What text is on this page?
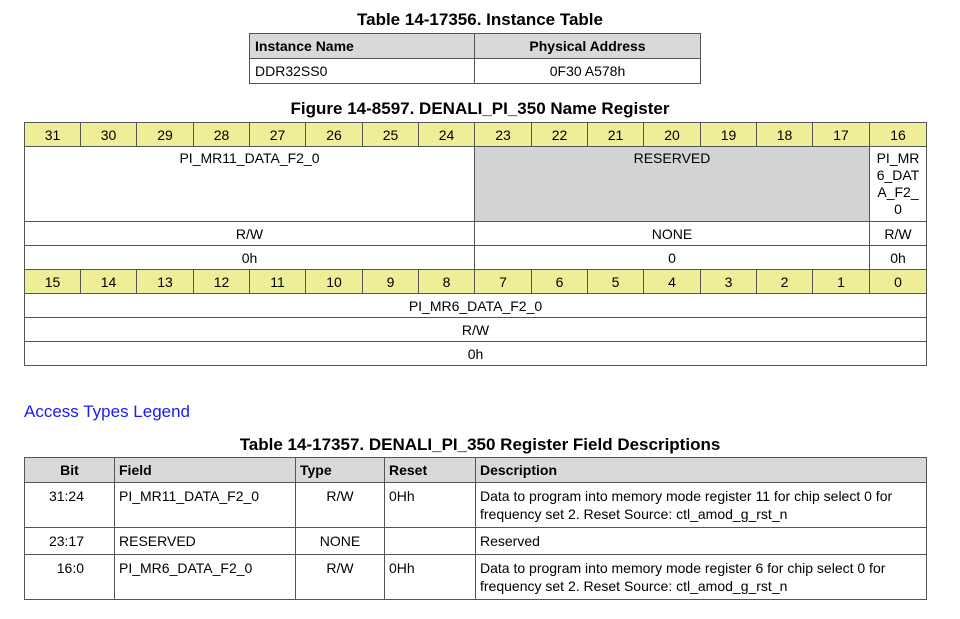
Table 14-17356. Instance Table
Instance Name	Physical Address
DDR32SS0	0F30 A578h
Figure 14-8597. DENALI_PI_350 Name Register
31	30	29	28	27	26	25	24	23	22	21	20	19	18	17	16
PI_MR11_DATA_F2_0								RESERVED							PI_MR6_DATA_F2_0
R/W								NONE							R/W
0h								0							0h
15	14	13	12	11	10	9	8	7	6	5	4	3	2	1	0
PI_MR6_DATA_F2_0															
R/W															
0h															
Access Types Legend
Table 14-17357. DENALI_PI_350 Register Field Descriptions
Bit	Field	Type	Reset	Description
31:24	PI_MR11_DATA_F2_0	R/W	0Hh	Data to program into memory mode register 11 for chip select 0 for frequency set 2. Reset Source: ctl_amod_g_rst_n
23:17	RESERVED	NONE		Reserved
16:0	PI_MR6_DATA_F2_0	R/W	0Hh	Data to program into memory mode register 6 for chip select 0 for frequency set 2. Reset Source: ctl_amod_g_rst_n
